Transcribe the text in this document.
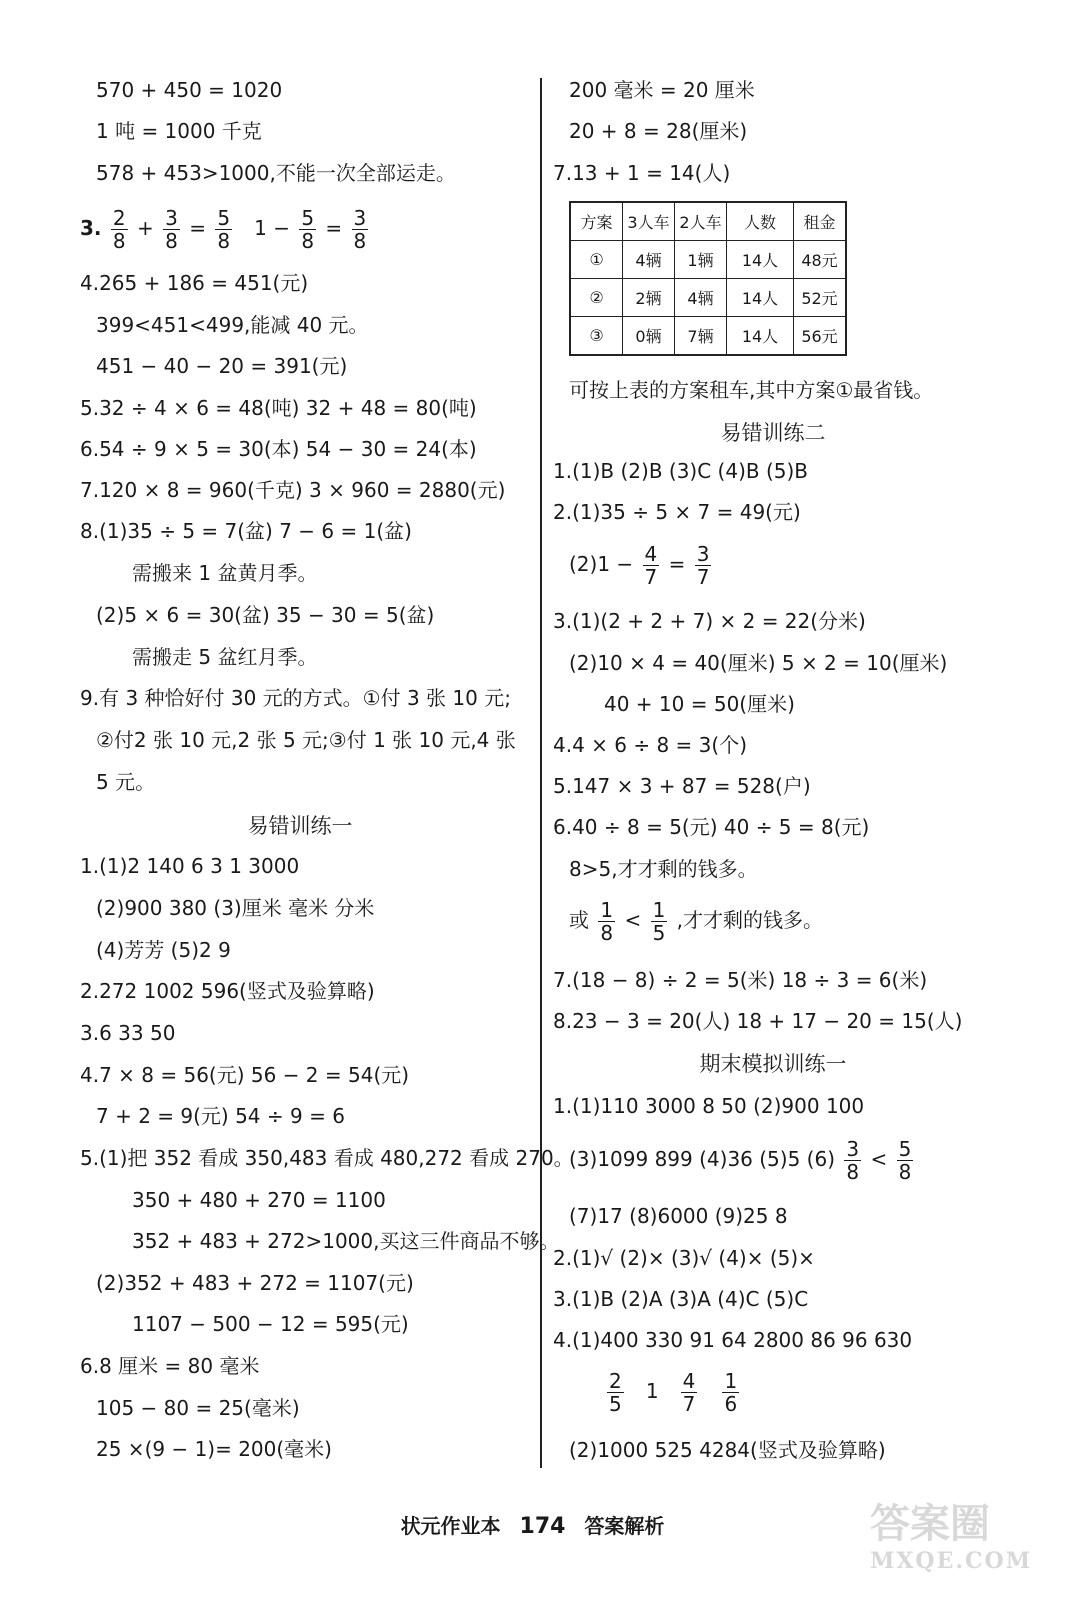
570 + 450 = 1020
1 吨 = 1000 千克
578 + 453>1000,不能一次全部运走。
3. $\frac{2}{8} + \frac{3}{8} = \frac{5}{8} 1 - \frac{5}{8} = \frac{3}{8}$
4.265 + 186 = 451(元)
399<451<499,能减 40 元。
451 − 40 − 20 = 391(元)
5.32 ÷ 4 × 6 = 48(吨) 32 + 48 = 80(吨)
6.54 ÷ 9 × 5 = 30(本) 54 − 30 = 24(本)
7.120 × 8 = 960(千克) 3 × 960 = 2880(元)
8.(1)35 ÷ 5 = 7(盆) 7 − 6 = 1(盆)
需搬来 1 盆黄月季。
(2)5 × 6 = 30(盆) 35 − 30 = 5(盆)
需搬走 5 盆红月季。
9.有 3 种恰好付 30 元的方式。①付 3 张 10 元;
②付2 张 10 元,2 张 5 元;③付 1 张 10 元,4 张
5 元。
易错训练一
1.(1)2 140 6 3 1 3000
(2)900 380 (3)厘米 毫米 分米
(4)芳芳 (5)2 9
2.272 1002 596(竖式及验算略)
3.6 33 50
4.7 × 8 = 56(元) 56 − 2 = 54(元)
7 + 2 = 9(元) 54 ÷ 9 = 6
5.(1)把 352 看成 350,483 看成 480,272 看成 270。
350 + 480 + 270 = 1100
352 + 483 + 272>1000,买这三件商品不够。
(2)352 + 483 + 272 = 1107(元)
1107 − 500 − 12 = 595(元)
6.8 厘米 = 80 毫米
105 − 80 = 25(毫米)
25 ×(9 − 1)= 200(毫米)
200 毫米 = 20 厘米
20 + 8 = 28(厘米)
7.13 + 1 = 14(人)
方案	3人车	2人车	人数	租金
①	4辆	1辆	14人	48元
②	2辆	4辆	14人	52元
③	0辆	7辆	14人	56元
可按上表的方案租车,其中方案①最省钱。
易错训练二
1.(1)B (2)B (3)C (4)B (5)B
2.(1)35 ÷ 5 × 7 = 49(元)
$(2)1 - \frac{4}{7} = \frac{3}{7}$
3.(1)(2 + 2 + 7) × 2 = 22(分米)
(2)10 × 4 = 40(厘米) 5 × 2 = 10(厘米)
40 + 10 = 50(厘米)
4.4 × 6 ÷ 8 = 3(个)
5.147 × 3 + 87 = 528(户)
6.40 ÷ 8 = 5(元) 40 ÷ 5 = 8(元)
8>5,才才剩的钱多。
或 $\frac{1}{8} < \frac{1}{5}$ ,才才剩的钱多。
7.(18 − 8) ÷ 2 = 5(米) 18 ÷ 3 = 6(米)
8.23 − 3 = 20(人) 18 + 17 − 20 = 15(人)
期末模拟训练一
1.(1)110 3000 8 50 (2)900 100
(3)1099 899 (4)36 (5)5 $(6) \frac{3}{8} < \frac{5}{8}$
(7)17 (8)6000 (9)25 8
2.(1)√ (2)× (3)√ (4)× (5)×
3.(1)B (2)A (3)A (4)C (5)C
4.(1)400 330 91 64 2800 86 96 630
$\frac{2}{5} 1 \frac{4}{7}$
$\frac{1}{6}$
(2)1000 525 4284(竖式及验算略)
状元作业本 174 答案解析	答案圈
MXQE.COM
